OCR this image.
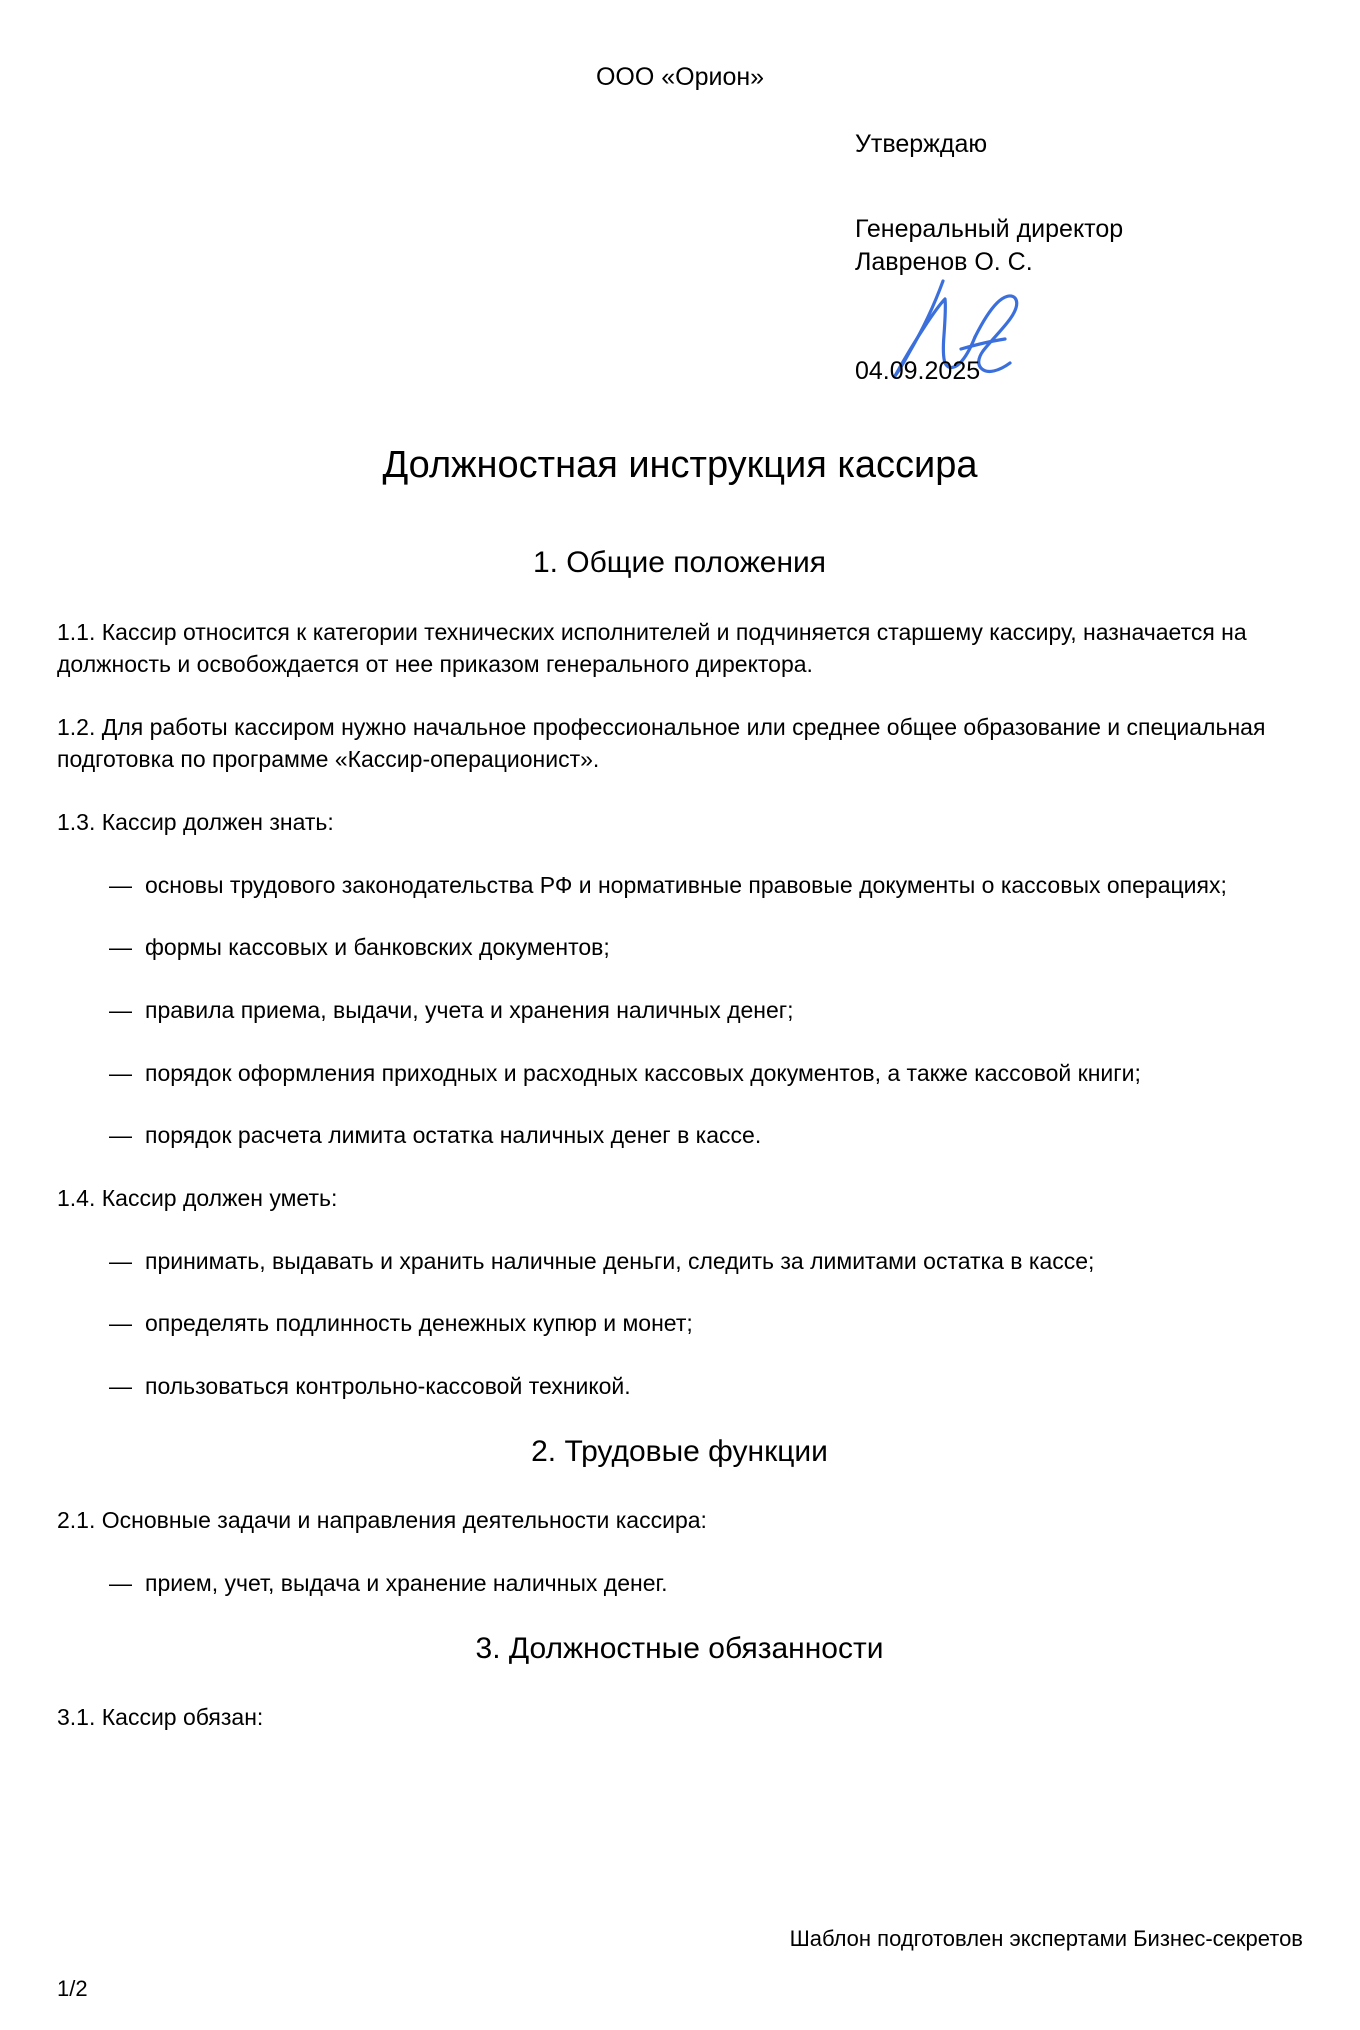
ООО «Орион»
Утверждаю
Генеральный директор
Лавренов О. С.
04.09.2025
Должностная инструкция кассира
1. Общие положения

1.1. Кассир относится к категории технических исполнителей и подчиняется старшему кассиру, назначается на должность и освобождается от нее приказом генерального директора.

1.2. Для работы кассиром нужно начальное профессиональное или среднее общее образование и специальная подготовка по программе «Кассир-операционист».

1.3. Кассир должен знать:

— основы трудового законодательства РФ и нормативные правовые документы о кассовых операциях;
— формы кассовых и банковских документов;
— правила приема, выдачи, учета и хранения наличных денег;
— порядок оформления приходных и расходных кассовых документов, а также кассовой книги;
— порядок расчета лимита остатка наличных денег в кассе.

1.4. Кассир должен уметь:

— принимать, выдавать и хранить наличные деньги, следить за лимитами остатка в кассе;
— определять подлинность денежных купюр и монет;
— пользоваться контрольно-кассовой техникой.
2. Трудовые функции

2.1. Основные задачи и направления деятельности кассира:

— прием, учет, выдача и хранение наличных денег.
3. Должностные обязанности

3.1. Кассир обязан:

Шаблон подготовлен экспертами Бизнес-секретов
1/2
